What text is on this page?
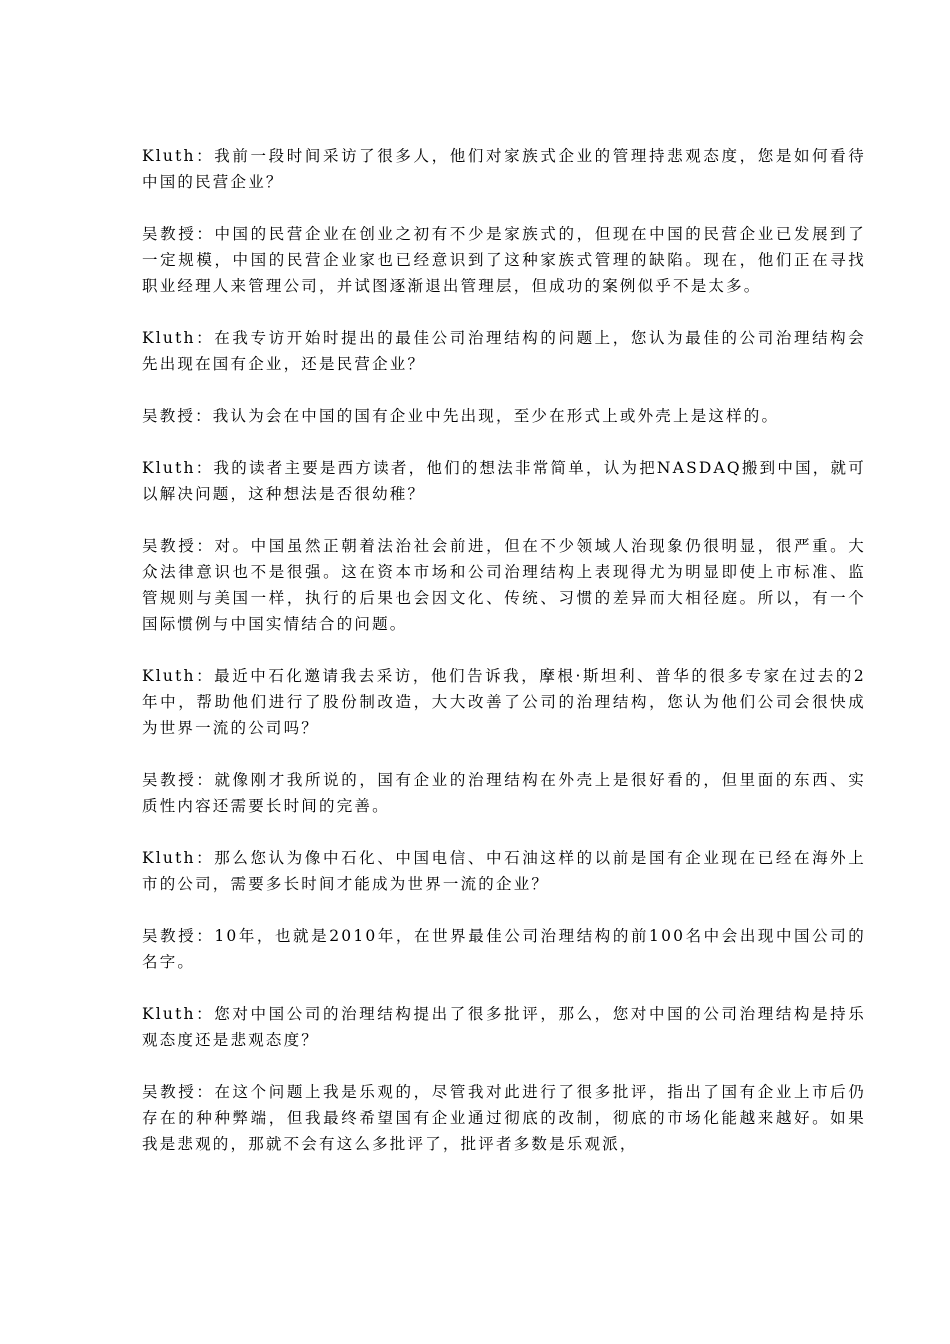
Kluth：我前一段时间采访了很多人，他们对家族式企业的管理持悲观态度，您是如何看待中国的民营企业？

吴教授：中国的民营企业在创业之初有不少是家族式的，但现在中国的民营企业已发展到了一定规模，中国的民营企业家也已经意识到了这种家族式管理的缺陷。现在，他们正在寻找职业经理人来管理公司，并试图逐渐退出管理层，但成功的案例似乎不是太多。

Kluth：在我专访开始时提出的最佳公司治理结构的问题上，您认为最佳的公司治理结构会先出现在国有企业，还是民营企业？

吴教授：我认为会在中国的国有企业中先出现，至少在形式上或外壳上是这样的。

Kluth：我的读者主要是西方读者，他们的想法非常简单，认为把NASDAQ搬到中国，就可以解决问题，这种想法是否很幼稚？

吴教授：对。中国虽然正朝着法治社会前进，但在不少领域人治现象仍很明显，很严重。大众法律意识也不是很强。这在资本市场和公司治理结构上表现得尤为明显即使上市标准、监管规则与美国一样，执行的后果也会因文化、传统、习惯的差异而大相径庭。所以，有一个国际惯例与中国实情结合的问题。

Kluth：最近中石化邀请我去采访，他们告诉我，摩根·斯坦利、普华的很多专家在过去的2年中，帮助他们进行了股份制改造，大大改善了公司的治理结构，您认为他们公司会很快成为世界一流的公司吗？

吴教授：就像刚才我所说的，国有企业的治理结构在外壳上是很好看的，但里面的东西、实质性内容还需要长时间的完善。

Kluth：那么您认为像中石化、中国电信、中石油这样的以前是国有企业现在已经在海外上市的公司，需要多长时间才能成为世界一流的企业？

吴教授：10年，也就是2010年，在世界最佳公司治理结构的前100名中会出现中国公司的名字。

Kluth：您对中国公司的治理结构提出了很多批评，那么，您对中国的公司治理结构是持乐观态度还是悲观态度？

吴教授：在这个问题上我是乐观的，尽管我对此进行了很多批评，指出了国有企业上市后仍存在的种种弊端，但我最终希望国有企业通过彻底的改制，彻底的市场化能越来越好。如果我是悲观的，那就不会有这么多批评了，批评者多数是乐观派，
